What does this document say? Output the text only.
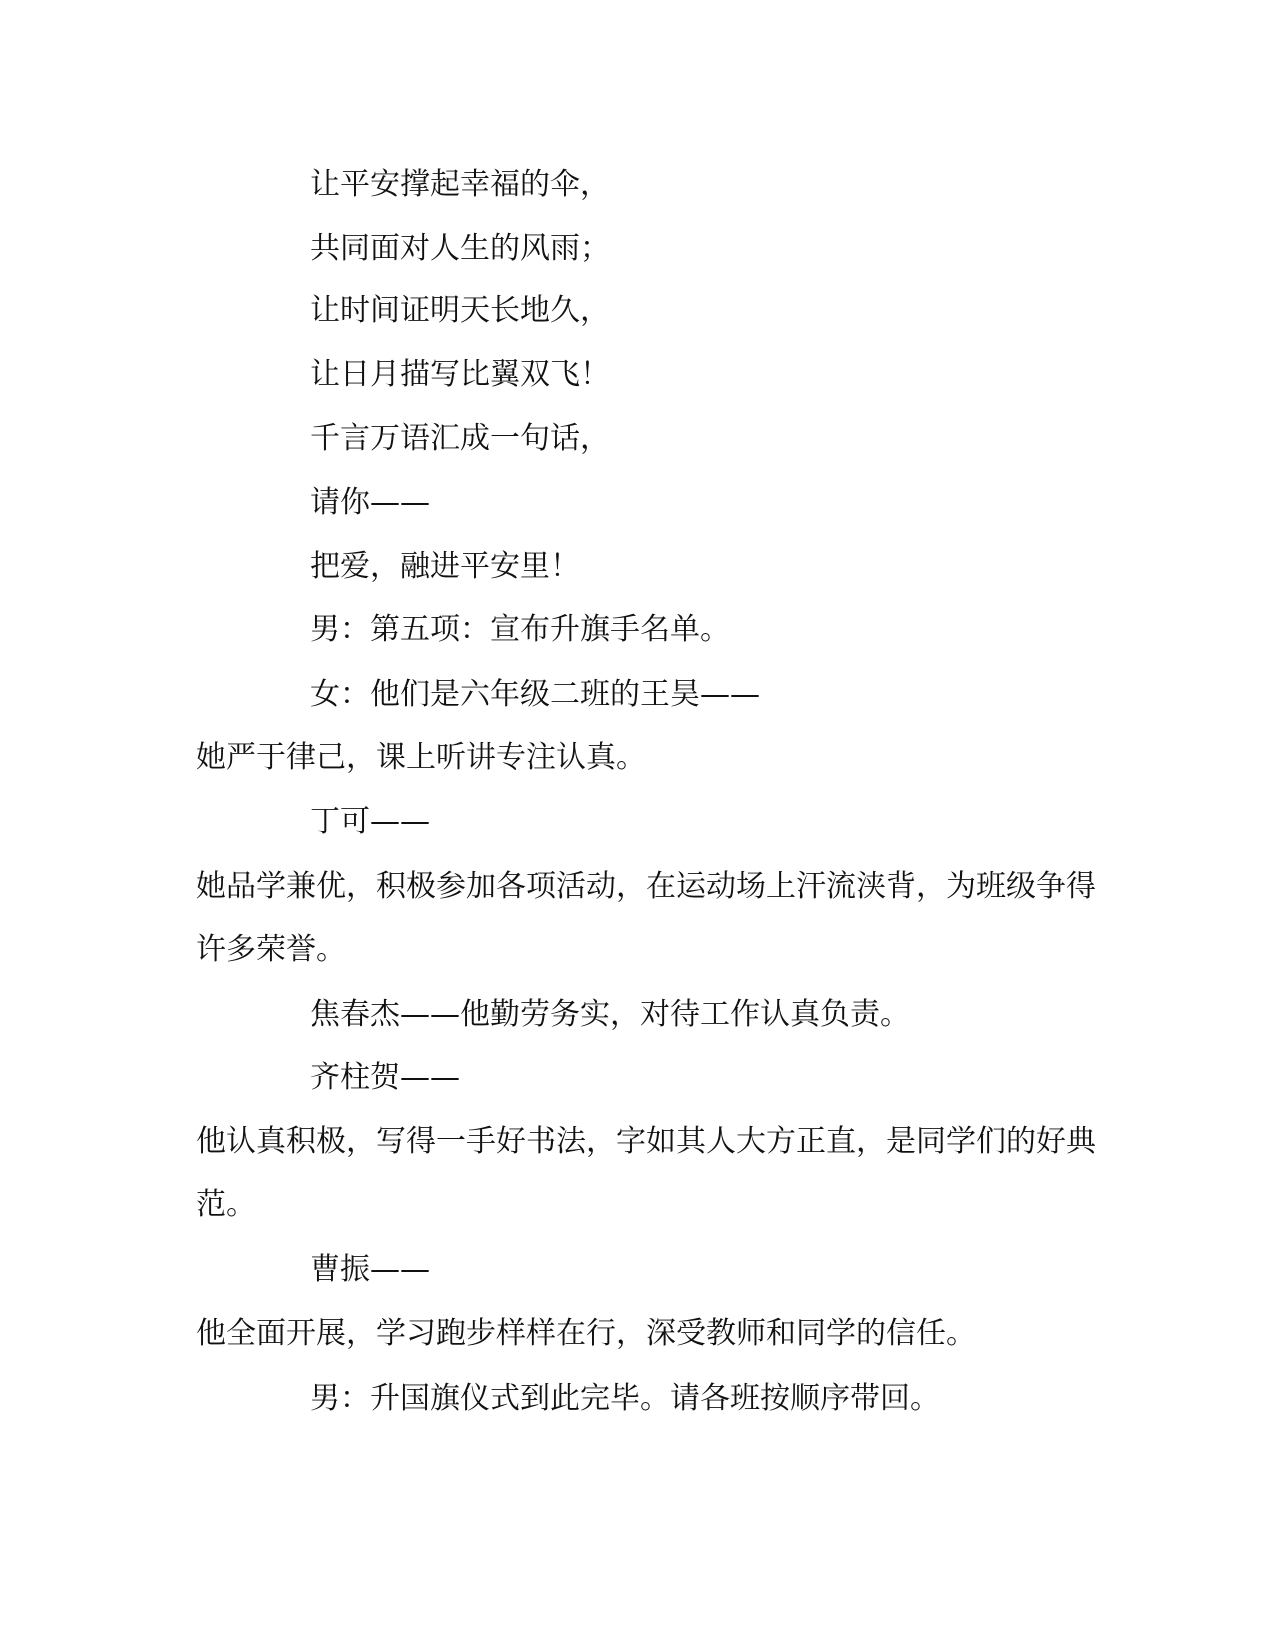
让平安撑起幸福的伞，
共同面对人生的风雨；
让时间证明天长地久，
让日月描写比翼双飞！
千言万语汇成一句话，
请你——
把爱，融进平安里！
男：第五项：宣布升旗手名单。
女：他们是六年级二班的王昊——
她严于律己，课上听讲专注认真。
丁可——
她品学兼优，积极参加各项活动，在运动场上汗流浃背，为班级争得
许多荣誉。
焦春杰——他勤劳务实，对待工作认真负责。
齐柱贺——
他认真积极，写得一手好书法，字如其人大方正直，是同学们的好典
范。
曹振——
他全面开展，学习跑步样样在行，深受教师和同学的信任。
男：升国旗仪式到此完毕。请各班按顺序带回。
